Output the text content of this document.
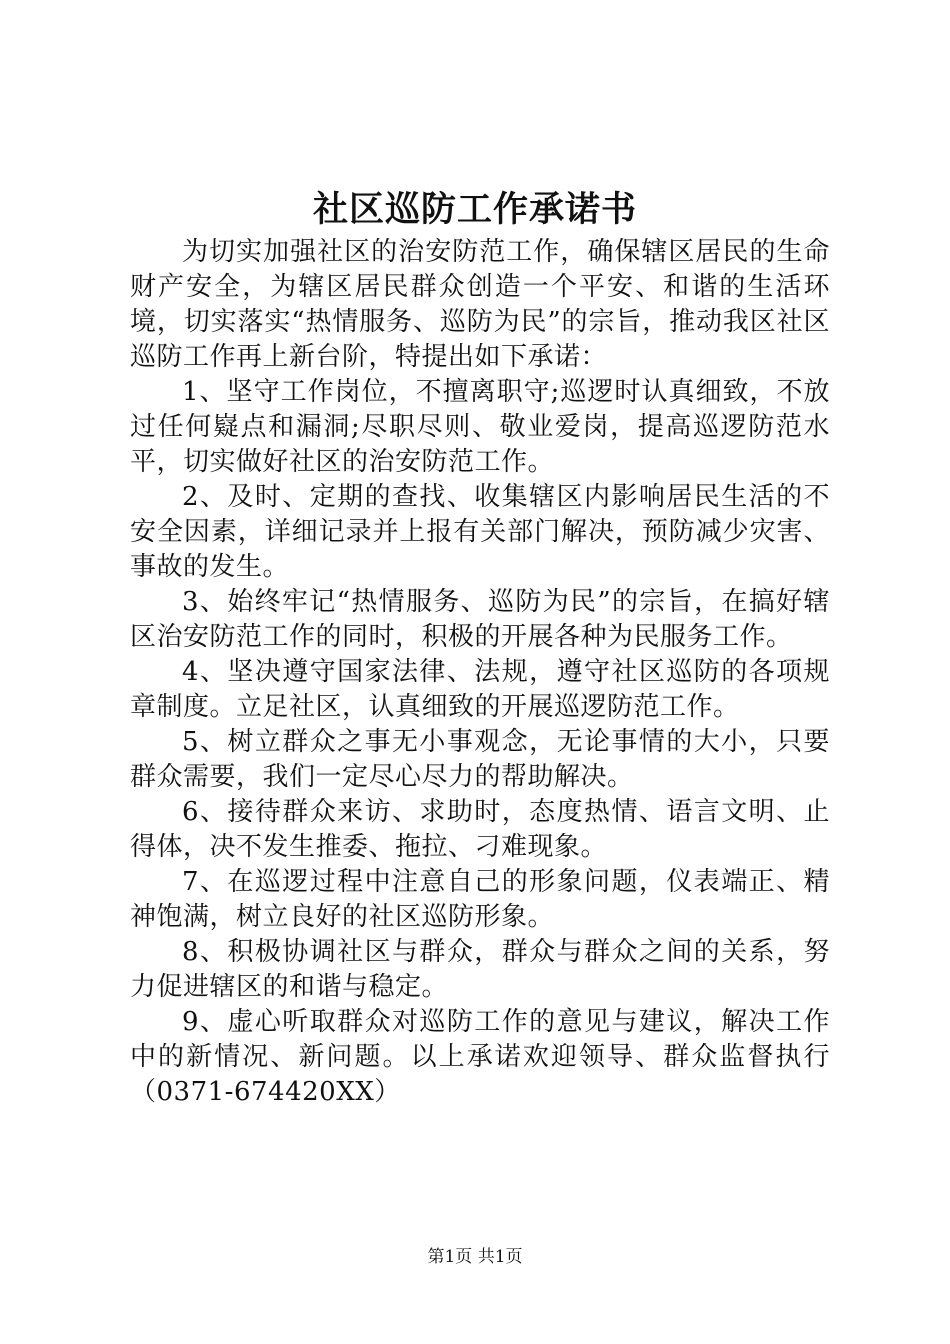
社区巡防工作承诺书

为切实加强社区的治安防范工作，确保辖区居民的生命财产安全，为辖区居民群众创造一个平安、和谐的生活环境，切实落实“热情服务、巡防为民”的宗旨，推动我区社区巡防工作再上新台阶，特提出如下承诺：

1、坚守工作岗位，不擅离职守;巡逻时认真细致，不放过任何嶷点和漏洞;尽职尽则、敬业爱岗，提高巡逻防范水平，切实做好社区的治安防范工作。

2、及时、定期的查找、收集辖区内影响居民生活的不安全因素，详细记录并上报有关部门解决，预防减少灾害、事故的发生。

3、始终牢记“热情服务、巡防为民”的宗旨，在搞好辖区治安防范工作的同时，积极的开展各种为民服务工作。

4、坚决遵守国家法律、法规，遵守社区巡防的各项规章制度。立足社区，认真细致的开展巡逻防范工作。

5、树立群众之事无小事观念，无论事情的大小，只要群众需要，我们一定尽心尽力的帮助解决。

6、接待群众来访、求助时，态度热情、语言文明、止得体，决不发生推委、拖拉、刁难现象。

7、在巡逻过程中注意自己的形象问题，仪表端正、精神饱满，树立良好的社区巡防形象。

8、积极协调社区与群众，群众与群众之间的关系，努力促进辖区的和谐与稳定。

9、虚心听取群众对巡防工作的意见与建议，解决工作中的新情况、新问题。以上承诺欢迎领导、群众监督执行（0371-674420XX）

第1页 共1页
